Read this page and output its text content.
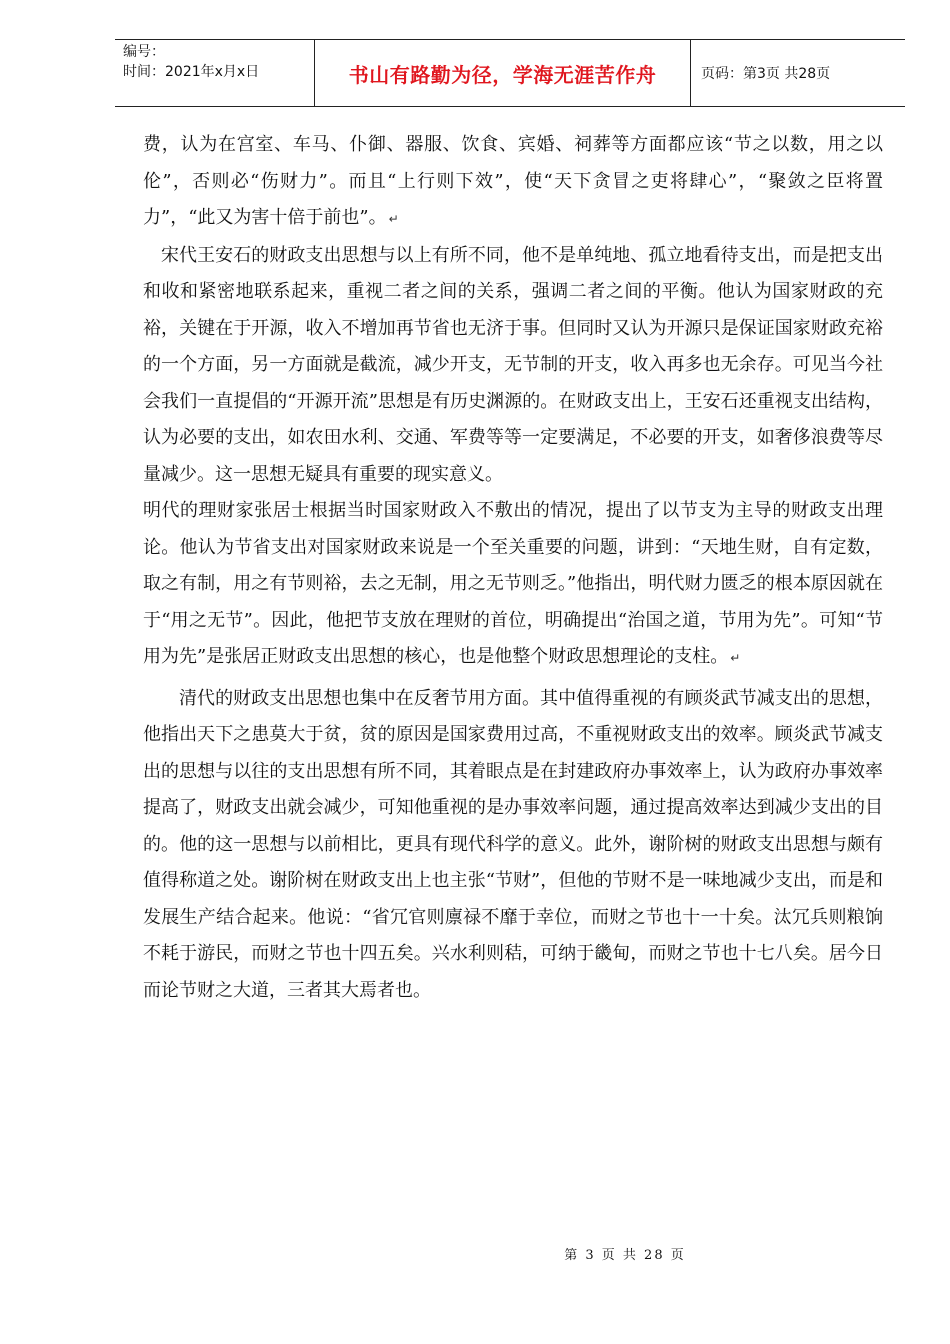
编号：
时间：2021年x月x日	书山有路勤为径，学海无涯苦作舟	页码：第3页 共28页

费，认为在宫室、车马、仆御、器服、饮食、宾婚、祠葬等方面都应该“节之以数，用之以伦”，否则必“伤财力”。而且“上行则下效”，使“天下贪冒之吏将肆心”，“聚敛之臣将置力”，“此又为害十倍于前也”。 ↵

宋代王安石的财政支出思想与以上有所不同，他不是单纯地、孤立地看待支出，而是把支出和收和紧密地联系起来，重视二者之间的关系，强调二者之间的平衡。他认为国家财政的充裕，关键在于开源，收入不增加再节省也无济于事。但同时又认为开源只是保证国家财政充裕的一个方面，另一方面就是截流，减少开支，无节制的开支，收入再多也无余存。可见当今社会我们一直提倡的“开源开流”思想是有历史渊源的。在财政支出上，王安石还重视支出结构，认为必要的支出，如农田水利、交通、军费等等一定要满足，不必要的开支，如奢侈浪费等尽量减少。这一思想无疑具有重要的现实意义。

明代的理财家张居士根据当时国家财政入不敷出的情况，提出了以节支为主导的财政支出理论。他认为节省支出对国家财政来说是一个至关重要的问题，讲到：“天地生财，自有定数，取之有制，用之有节则裕，去之无制，用之无节则乏。”他指出，明代财力匮乏的根本原因就在于“用之无节”。因此，他把节支放在理财的首位，明确提出“治国之道，节用为先”。可知“节用为先”是张居正财政支出思想的核心，也是他整个财政思想理论的支柱。 ↵

清代的财政支出思想也集中在反奢节用方面。其中值得重视的有顾炎武节减支出的思想，他指出天下之患莫大于贫，贫的原因是国家费用过高，不重视财政支出的效率。顾炎武节减支出的思想与以往的支出思想有所不同，其着眼点是在封建政府办事效率上，认为政府办事效率提高了，财政支出就会减少，可知他重视的是办事效率问题，通过提高效率达到减少支出的目的。他的这一思想与以前相比，更具有现代科学的意义。此外，谢阶树的财政支出思想与颇有值得称道之处。谢阶树在财政支出上也主张“节财”，但他的节财不是一味地减少支出，而是和发展生产结合起来。他说：“省冗官则廪禄不靡于幸位，而财之节也十一十矣。汰冗兵则粮饷不耗于游民，而财之节也十四五矣。兴水利则秸，可纳于畿甸，而财之节也十七八矣。居今日而论节财之大道，三者其大焉者也。

第 3 页 共 28 页
